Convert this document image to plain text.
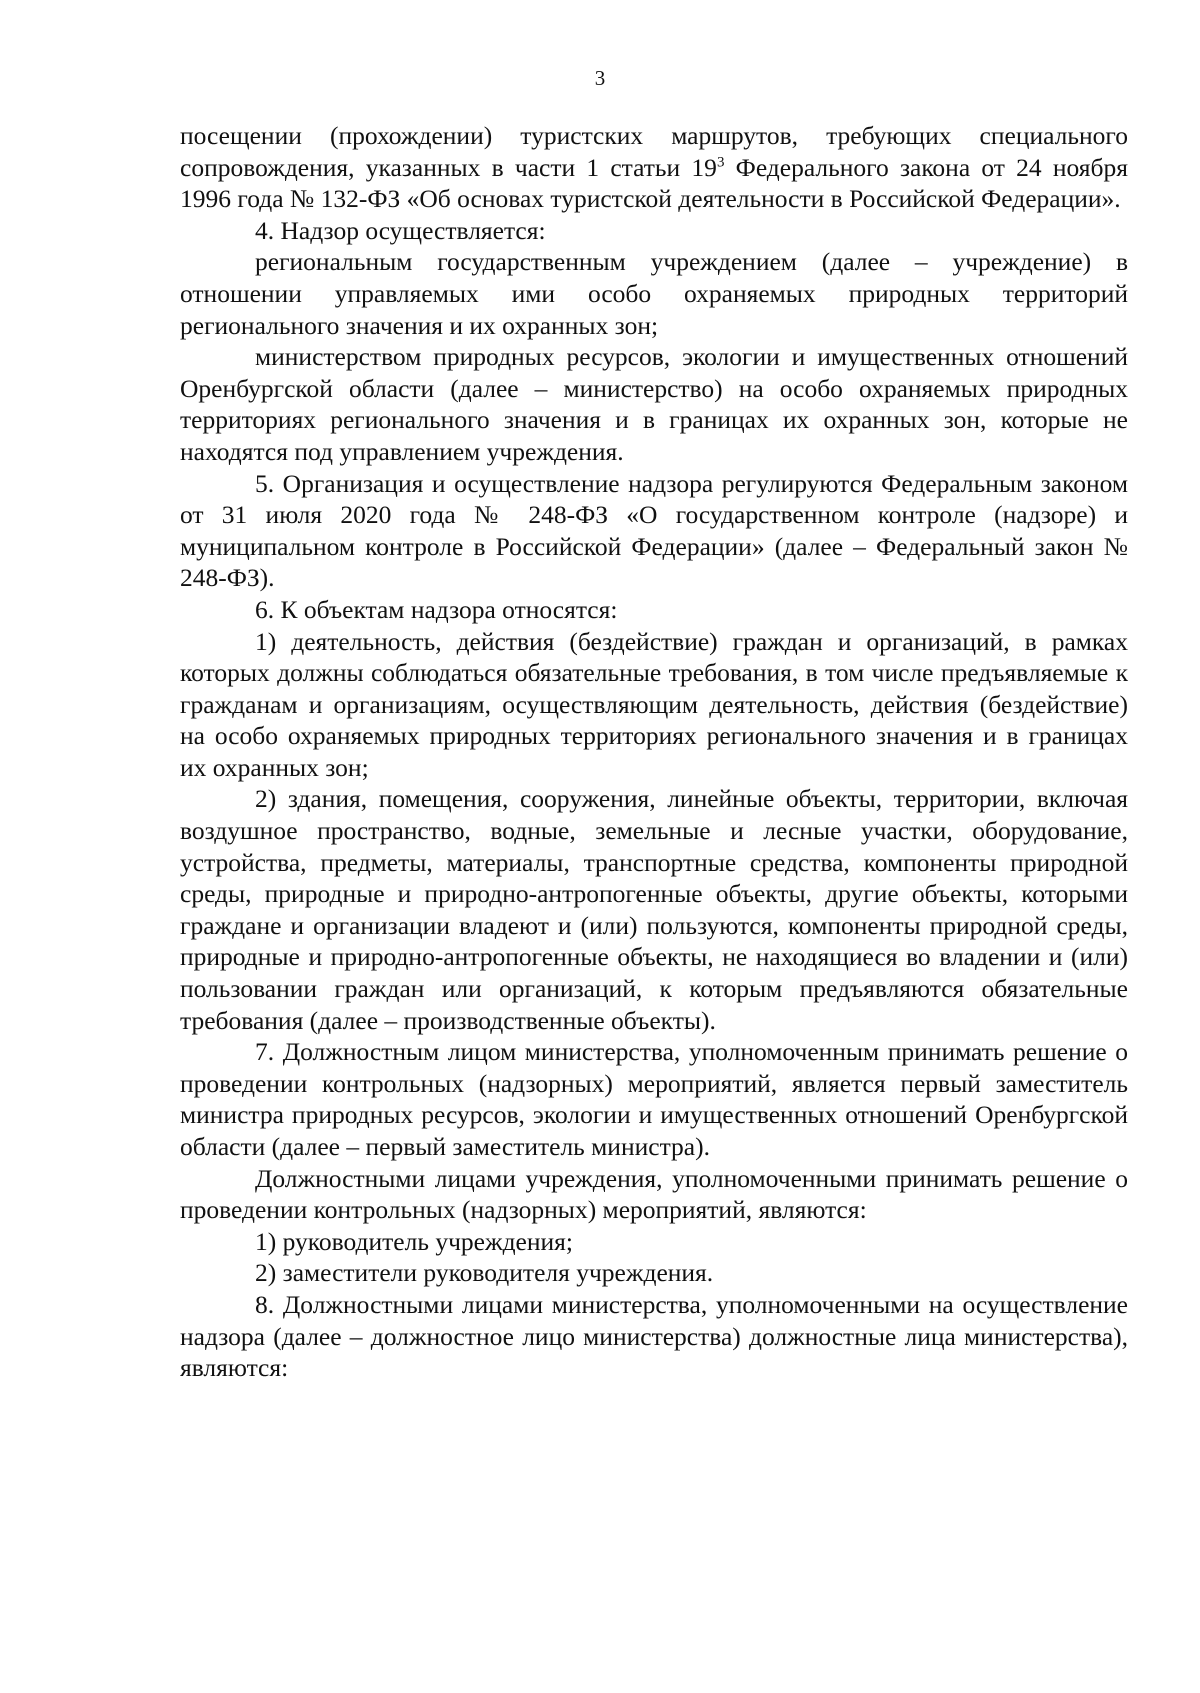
3

посещении (прохождении) туристских маршрутов, требующих специального сопровождения, указанных в части 1 статьи $19^3$ Федерального закона от 24 ноября 1996 года № 132-ФЗ «Об основах туристской деятельности в Российской Федерации».

4. Надзор осуществляется:

региональным государственным учреждением (далее – учреждение) в отношении управляемых ими особо охраняемых природных территорий регионального значения и их охранных зон;

министерством природных ресурсов, экологии и имущественных отношений Оренбургской области (далее – министерство) на особо охраняемых природных территориях регионального значения и в границах их охранных зон, которые не находятся под управлением учреждения.

5. Организация и осуществление надзора регулируются Федеральным законом от 31 июля 2020 года № 248-ФЗ «О государственном контроле (надзоре) и муниципальном контроле в Российской Федерации» (далее – Федеральный закон № 248-ФЗ).

6. К объектам надзора относятся:

1) деятельность, действия (бездействие) граждан и организаций, в рамках которых должны соблюдаться обязательные требования, в том числе предъявляемые к гражданам и организациям, осуществляющим деятельность, действия (бездействие) на особо охраняемых природных территориях регионального значения и в границах их охранных зон;

2) здания, помещения, сооружения, линейные объекты, территории, включая воздушное пространство, водные, земельные и лесные участки, оборудование, устройства, предметы, материалы, транспортные средства, компоненты природной среды, природные и природно-антропогенные объекты, другие объекты, которыми граждане и организации владеют и (или) пользуются, компоненты природной среды, природные и природно-антропогенные объекты, не находящиеся во владении и (или) пользовании граждан или организаций, к которым предъявляются обязательные требования (далее – производственные объекты).

7. Должностным лицом министерства, уполномоченным принимать решение о проведении контрольных (надзорных) мероприятий, является первый заместитель министра природных ресурсов, экологии и имущественных отношений Оренбургской области (далее – первый заместитель министра).

Должностными лицами учреждения, уполномоченными принимать решение о проведении контрольных (надзорных) мероприятий, являются:

1) руководитель учреждения;

2) заместители руководителя учреждения.

8. Должностными лицами министерства, уполномоченными на осуществление надзора (далее – должностное лицо министерства) должностные лица министерства), являются:
